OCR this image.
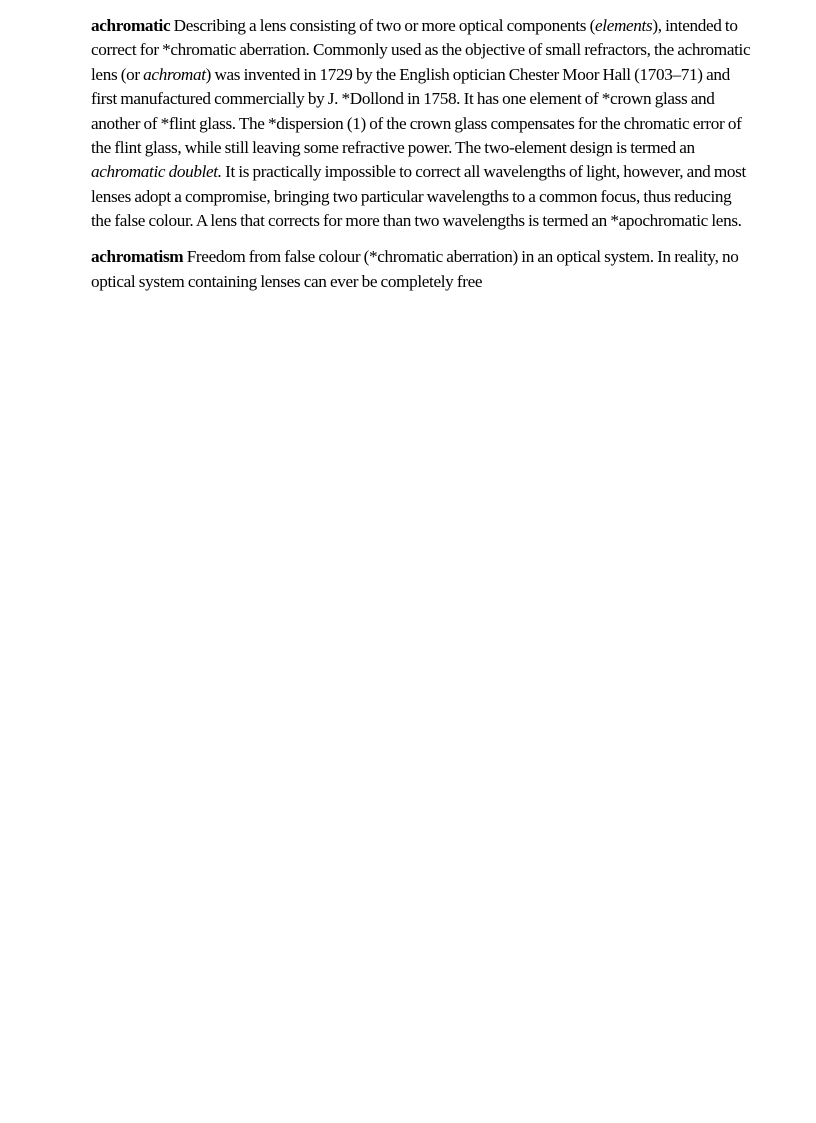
achromatic Describing a lens consisting of two or more optical components (elements), intended to correct for *chromatic aberration. Commonly used as the objective of small refractors, the achromatic lens (or achromat) was invented in 1729 by the English optician Chester Moor Hall (1703–71) and first manufactured commercially by J. *Dollond in 1758. It has one element of *crown glass and another of *flint glass. The *dispersion (1) of the crown glass compensates for the chromatic error of the flint glass, while still leaving some refractive power. The two-element design is termed an achromatic doublet. It is practically impossible to correct all wavelengths of light, however, and most lenses adopt a compromise, bringing two particular wavelengths to a common focus, thus reducing the false colour. A lens that corrects for more than two wavelengths is termed an *apochromatic lens.

achromatism Freedom from false colour (*chromatic aberration) in an optical system. In reality, no optical system containing lenses can ever be completely free
